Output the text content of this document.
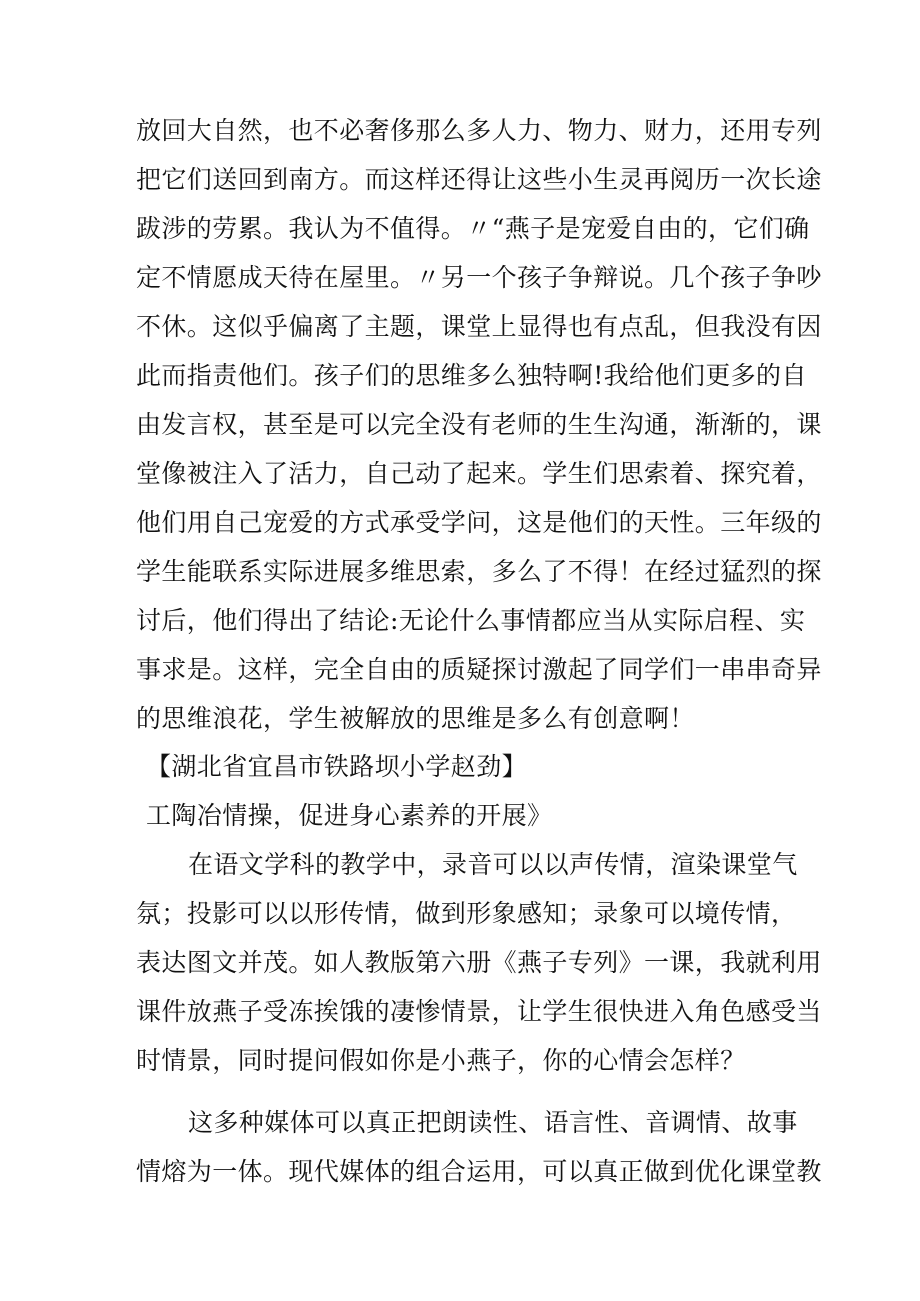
放回大自然，也不必奢侈那么多人力、物力、财力，还用专列
把它们送回到南方。而这样还得让这些小生灵再阅历一次长途
跋涉的劳累。我认为不值得。〃“燕子是宠爱自由的，它们确
定不情愿成天待在屋里。〃另一个孩子争辩说。几个孩子争吵
不休。这似乎偏离了主题，课堂上显得也有点乱，但我没有因
此而指责他们。孩子们的思维多么独特啊!我给他们更多的自
由发言权，甚至是可以完全没有老师的生生沟通，渐渐的，课
堂像被注入了活力，自己动了起来。学生们思索着、探究着，
他们用自己宠爱的方式承受学问，这是他们的天性。三年级的
学生能联系实际进展多维思索，多么了不得！在经过猛烈的探
讨后，他们得出了结论:无论什么事情都应当从实际启程、实
事求是。这样，完全自由的质疑探讨激起了同学们一串串奇异
的思维浪花，学生被解放的思维是多么有创意啊！
【湖北省宜昌市铁路坝小学赵劲】
工陶冶情操，促进身心素养的开展》
在语文学科的教学中，录音可以以声传情，渲染课堂气
氛；投影可以以形传情，做到形象感知；录象可以境传情，
表达图文并茂。如人教版第六册《燕子专列》一课，我就利用
课件放燕子受冻挨饿的凄惨情景，让学生很快进入角色感受当
时情景，同时提问假如你是小燕子，你的心情会怎样？
这多种媒体可以真正把朗读性、语言性、音调情、故事
情熔为一体。现代媒体的组合运用，可以真正做到优化课堂教
